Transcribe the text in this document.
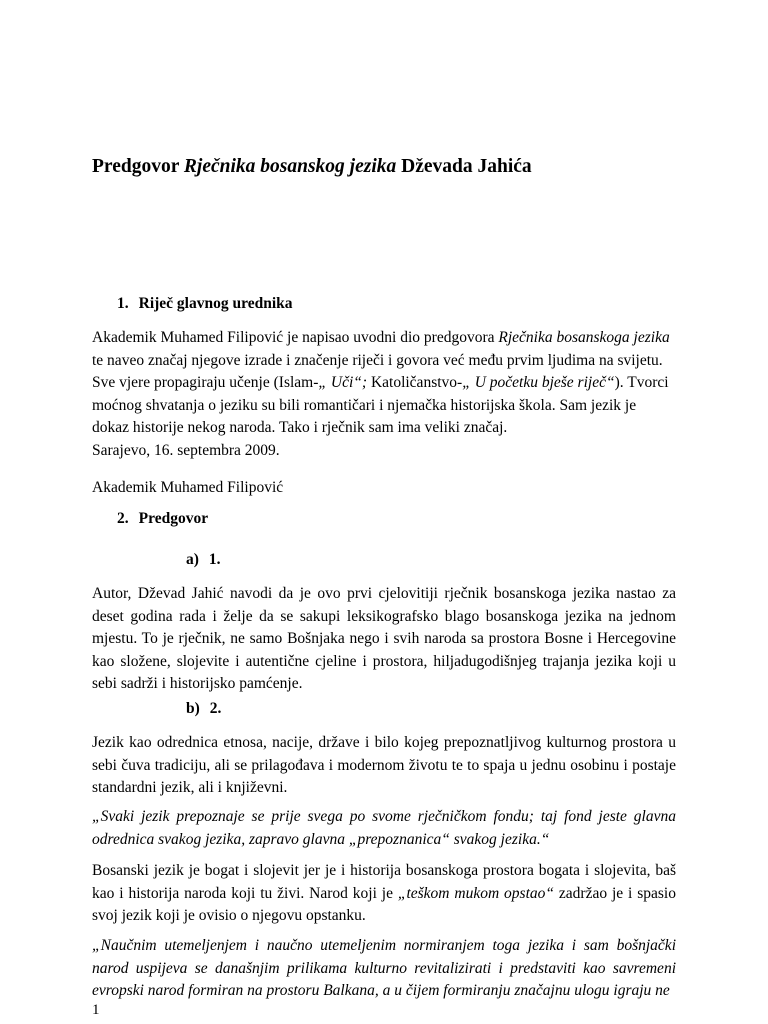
Predgovor Rječnika bosanskog jezika Dževada Jahića
1. Riječ glavnog urednika

Akademik Muhamed Filipović je napisao uvodni dio predgovora Rječnika bosanskoga jezika te naveo značaj njegove izrade i značenje riječi i govora već među prvim ljudima na svijetu. Sve vjere propagiraju učenje (Islam-„ Uči“; Katoličanstvo-„ U početku bješe riječ“). Tvorci moćnog shvatanja o jeziku su bili romantičari i njemačka historijska škola. Sam jezik je dokaz historije nekog naroda. Tako i rječnik sam ima veliki značaj.

Sarajevo, 16. septembra 2009.

Akademik Muhamed Filipović

2. Predgovor
a) 1.

Autor, Dževad Jahić navodi da je ovo prvi cjelovitiji rječnik bosanskoga jezika nastao za deset godina rada i želje da se sakupi leksikografsko blago bosanskoga jezika na jednom mjestu. To je rječnik, ne samo Bošnjaka nego i svih naroda sa prostora Bosne i Hercegovine kao složene, slojevite i autentične cjeline i prostora, hiljadugodišnjeg trajanja jezika koji u sebi sadrži i historijsko pamćenje.

b) 2.

Jezik kao odrednica etnosa, nacije, države i bilo kojeg prepoznatljivog kulturnog prostora u sebi čuva tradiciju, ali se prilagođava i modernom životu te to spaja u jednu osobinu i postaje standardni jezik, ali i književni.

„Svaki jezik prepoznaje se prije svega po svome rječničkom fondu; taj fond jeste glavna odrednica svakog jezika, zapravo glavna „prepoznanica“ svakog jezika.“

Bosanski jezik je bogat i slojevit jer je i historija bosanskoga prostora bogata i slojevita, baš kao i historija naroda koji tu živi. Narod koji je „teškom mukom opstao“ zadržao je i spasio svoj jezik koji je ovisio o njegovu opstanku.

„Naučnim utemeljenjem i naučno utemeljenim normiranjem toga jezika i sam bošnjački narod uspijeva se današnjim prilikama kulturno revitalizirati i predstaviti kao savremeni evropski narod formiran na prostoru Balkana, a u čijem formiranju značajnu ulogu igraju ne

1
